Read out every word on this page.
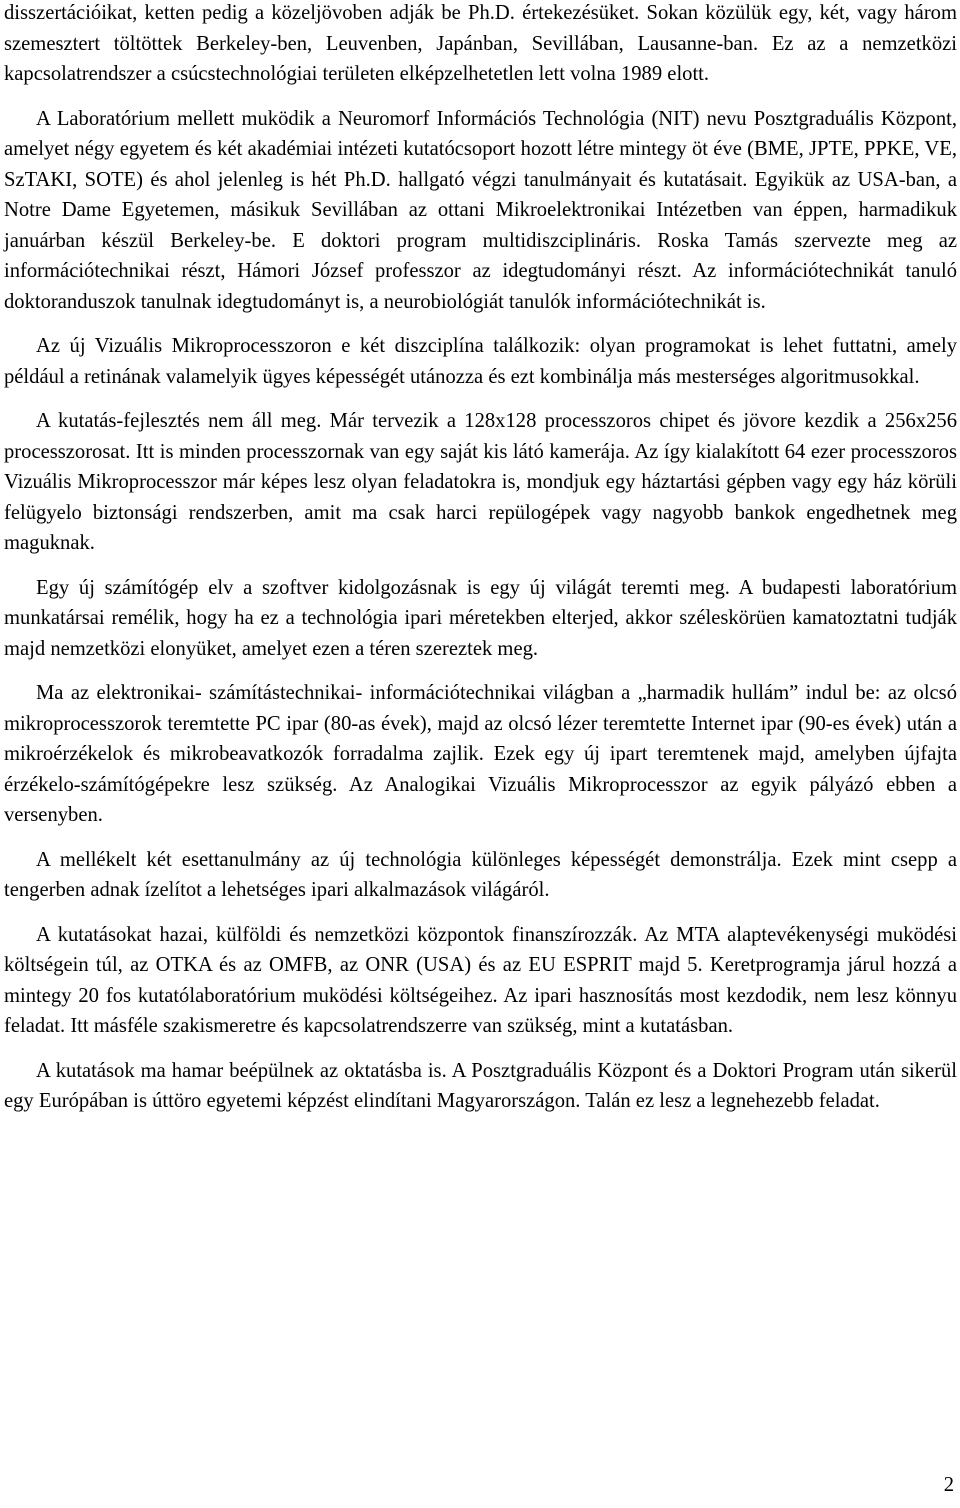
disszertációikat, ketten pedig a közeljövoben adják be Ph.D. értekezésüket. Sokan közülük egy, két, vagy három szemesztert töltöttek Berkeley-ben, Leuvenben, Japánban, Sevillában, Lausanne-ban. Ez az a nemzetközi kapcsolatrendszer a csúcstechnológiai területen elképzelhetetlen lett volna 1989 elott.

A Laboratórium mellett muködik a Neuromorf Információs Technológia (NIT) nevu Posztgraduális Központ, amelyet négy egyetem és két akadémiai intézeti kutatócsoport hozott létre mintegy öt éve (BME, JPTE, PPKE, VE, SzTAKI, SOTE) és ahol jelenleg is hét Ph.D. hallgató végzi tanulmányait és kutatásait. Egyikük az USA-ban, a Notre Dame Egyetemen, másikuk Sevillában az ottani Mikroelektronikai Intézetben van éppen, harmadikuk januárban készül Berkeley-be. E doktori program multidiszciplináris. Roska Tamás szervezte meg az információtechnikai részt, Hámori József professzor az idegtudományi részt. Az információtechnikát tanuló doktoranduszok tanulnak idegtudományt is, a neurobiológiát tanulók információtechnikát is.

Az új Vizuális Mikroprocesszoron e két diszciplína találkozik: olyan programokat is lehet futtatni, amely például a retinának valamelyik ügyes képességét utánozza és ezt kombinálja más mesterséges algoritmusokkal.

A kutatás-fejlesztés nem áll meg. Már tervezik a 128x128 processzoros chipet és jövore kezdik a 256x256 processzorosat. Itt is minden processzornak van egy saját kis látó kamerája. Az így kialakított 64 ezer processzoros Vizuális Mikroprocesszor már képes lesz olyan feladatokra is, mondjuk egy háztartási gépben vagy egy ház körüli felügyelo biztonsági rendszerben, amit ma csak harci repülogépek vagy nagyobb bankok engedhetnek meg maguknak.

Egy új számítógép elv a szoftver kidolgozásnak is egy új világát teremti meg. A budapesti laboratórium munkatársai remélik, hogy ha ez a technológia ipari méretekben elterjed, akkor széleskörüen kamatoztatni tudják majd nemzetközi elonyüket, amelyet ezen a téren szereztek meg.

Ma az elektronikai- számítástechnikai- információtechnikai világban a „harmadik hullám” indul be: az olcsó mikroprocesszorok teremtette PC ipar (80-as évek), majd az olcsó lézer teremtette Internet ipar (90-es évek) után a mikroérzékelok és mikrobeavatkozók forradalma zajlik. Ezek egy új ipart teremtenek majd, amelyben újfajta érzékelo-számítógépekre lesz szükség. Az Analogikai Vizuális Mikroprocesszor az egyik pályázó ebben a versenyben.

A mellékelt két esettanulmány az új technológia különleges képességét demonstrálja. Ezek mint csepp a tengerben adnak ízelítot a lehetséges ipari alkalmazások világáról.

A kutatásokat hazai, külföldi és nemzetközi központok finanszírozzák. Az MTA alaptevékenységi muködési költségein túl, az OTKA és az OMFB, az ONR (USA) és az EU ESPRIT majd 5. Keretprogramja járul hozzá a mintegy 20 fos kutatólaboratórium muködési költségeihez. Az ipari hasznosítás most kezdodik, nem lesz könnyu feladat. Itt másféle szakismeretre és kapcsolatrendszerre van szükség, mint a kutatásban.

A kutatások ma hamar beépülnek az oktatásba is. A Posztgraduális Központ és a Doktori Program után sikerül egy Európában is úttöro egyetemi képzést elindítani Magyarországon. Talán ez lesz a legnehezebb feladat.

2
